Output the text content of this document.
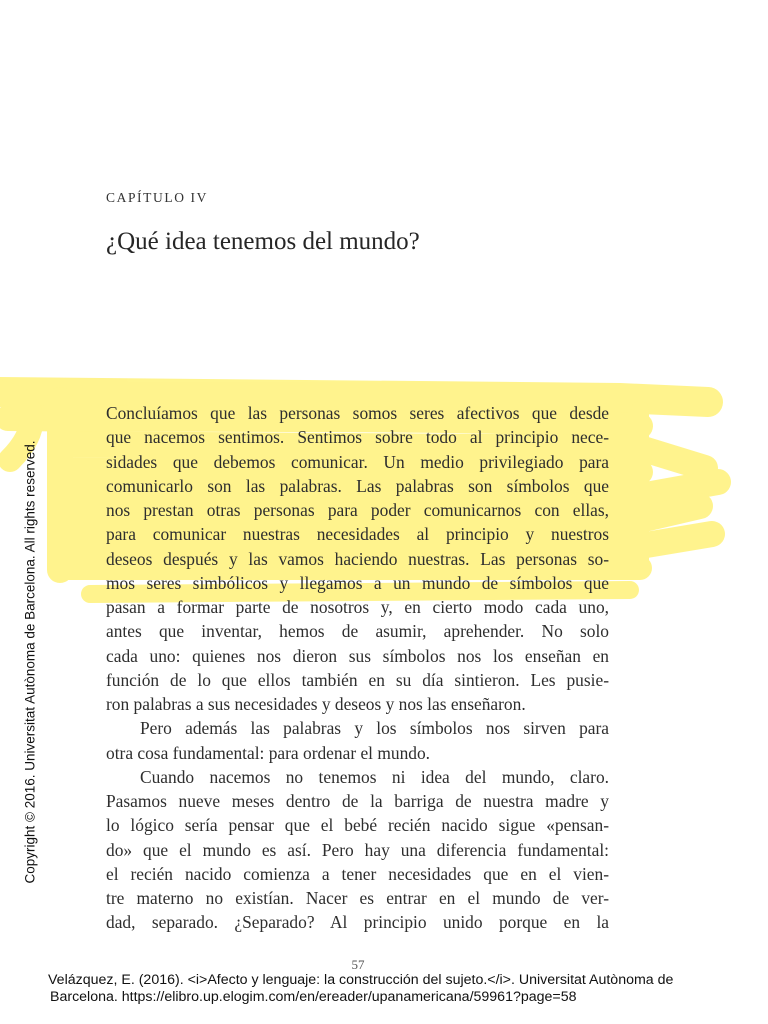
CAPÍTULO IV
¿Qué idea tenemos del mundo?
Concluíamos que las personas somos seres afectivos que desde
que nacemos sentimos. Sentimos sobre todo al principio nece-
sidades que debemos comunicar. Un medio privilegiado para
comunicarlo son las palabras. Las palabras son símbolos que
nos prestan otras personas para poder comunicarnos con ellas,
para comunicar nuestras necesidades al principio y nuestros
deseos después y las vamos haciendo nuestras. Las personas so-
mos seres simbólicos y llegamos a un mundo de símbolos que
pasan a formar parte de nosotros y, en cierto modo cada uno,
antes que inventar, hemos de asumir, aprehender. No solo
cada uno: quienes nos dieron sus símbolos nos los enseñan en
función de lo que ellos también en su día sintieron. Les pusie-
ron palabras a sus necesidades y deseos y nos las enseñaron.
Pero además las palabras y los símbolos nos sirven para
otra cosa fundamental: para ordenar el mundo.
Cuando nacemos no tenemos ni idea del mundo, claro.
Pasamos nueve meses dentro de la barriga de nuestra madre y
lo lógico sería pensar que el bebé recién nacido sigue «pensan-
do» que el mundo es así. Pero hay una diferencia fundamental:
el recién nacido comienza a tener necesidades que en el vien-
tre materno no existían. Nacer es entrar en el mundo de ver-
dad, separado. ¿Separado? Al principio unido porque en la
57
Copyright © 2016. Universitat Autònoma de Barcelona. All rights reserved.
Velázquez, E. (2016). <i>Afecto y lenguaje: la construcción del sujeto.</i>. Universitat Autònoma de
Barcelona. https://elibro.up.elogim.com/en/ereader/upanamericana/59961?page=58
